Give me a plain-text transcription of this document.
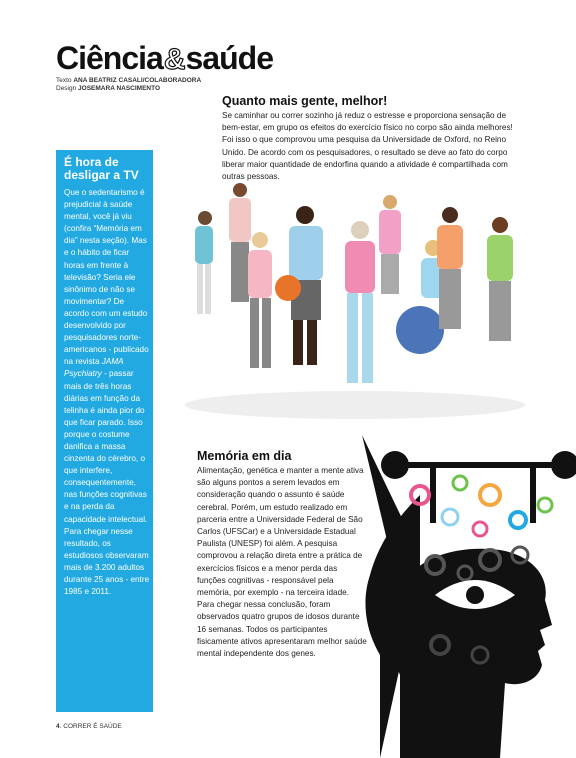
Ciência&saúde
Texto ANA BEATRIZ CASALI/COLABORADORA
Design JOSEMARA NASCIMENTO
Quanto mais gente, melhor!
Se caminhar ou correr sozinho já reduz o estresse e proporciona sensação de bem-estar, em grupo os efeitos do exercício físico no corpo são ainda melhores! Foi isso o que comprovou uma pesquisa da Universidade de Oxford, no Reino Unido. De acordo com os pesquisadores, o resultado se deve ao fato do corpo liberar maior quantidade de endorfina quando a atividade é compartilhada com outras pessoas.
É hora de desligar a TV
Que o sedentarismo é prejudicial à saúde mental, você já viu (confira “Memória em dia” nesta seção). Mas e o hábito de ficar horas em frente à televisão? Seria ele sinônimo de não se movimentar? De acordo com um estudo desenvolvido por pesquisadores norte-americanos - publicado na revista JAMA Psychiatry - passar mais de três horas diárias em função da telinha é ainda pior do que ficar parado. Isso porque o costume danifica a massa cinzenta do cérebro, o que interfere, consequentemente, nas funções cognitivas e na perda da capacidade intelectual. Para chegar nesse resultado, os estudiosos observaram mais de 3.200 adultos durante 25 anos - entre 1985 e 2011.
Memória em dia
Alimentação, genética e manter a mente ativa são alguns pontos a serem levados em consideração quando o assunto é saúde cerebral. Porém, um estudo realizado em parceria entre a Universidade Federal de São Carlos (UFSCar) e a Universidade Estadual Paulista (UNESP) foi além. A pesquisa comprovou a relação direta entre a prática de exercícios físicos e a menor perda das funções cognitivas - responsável pela memória, por exemplo - na terceira idade. Para chegar nessa conclusão, foram observados quatro grupos de idosos durante 16 semanas. Todos os participantes fisicamente ativos apresentaram melhor saúde mental independente dos genes.
4. CORRER É SAÚDE
